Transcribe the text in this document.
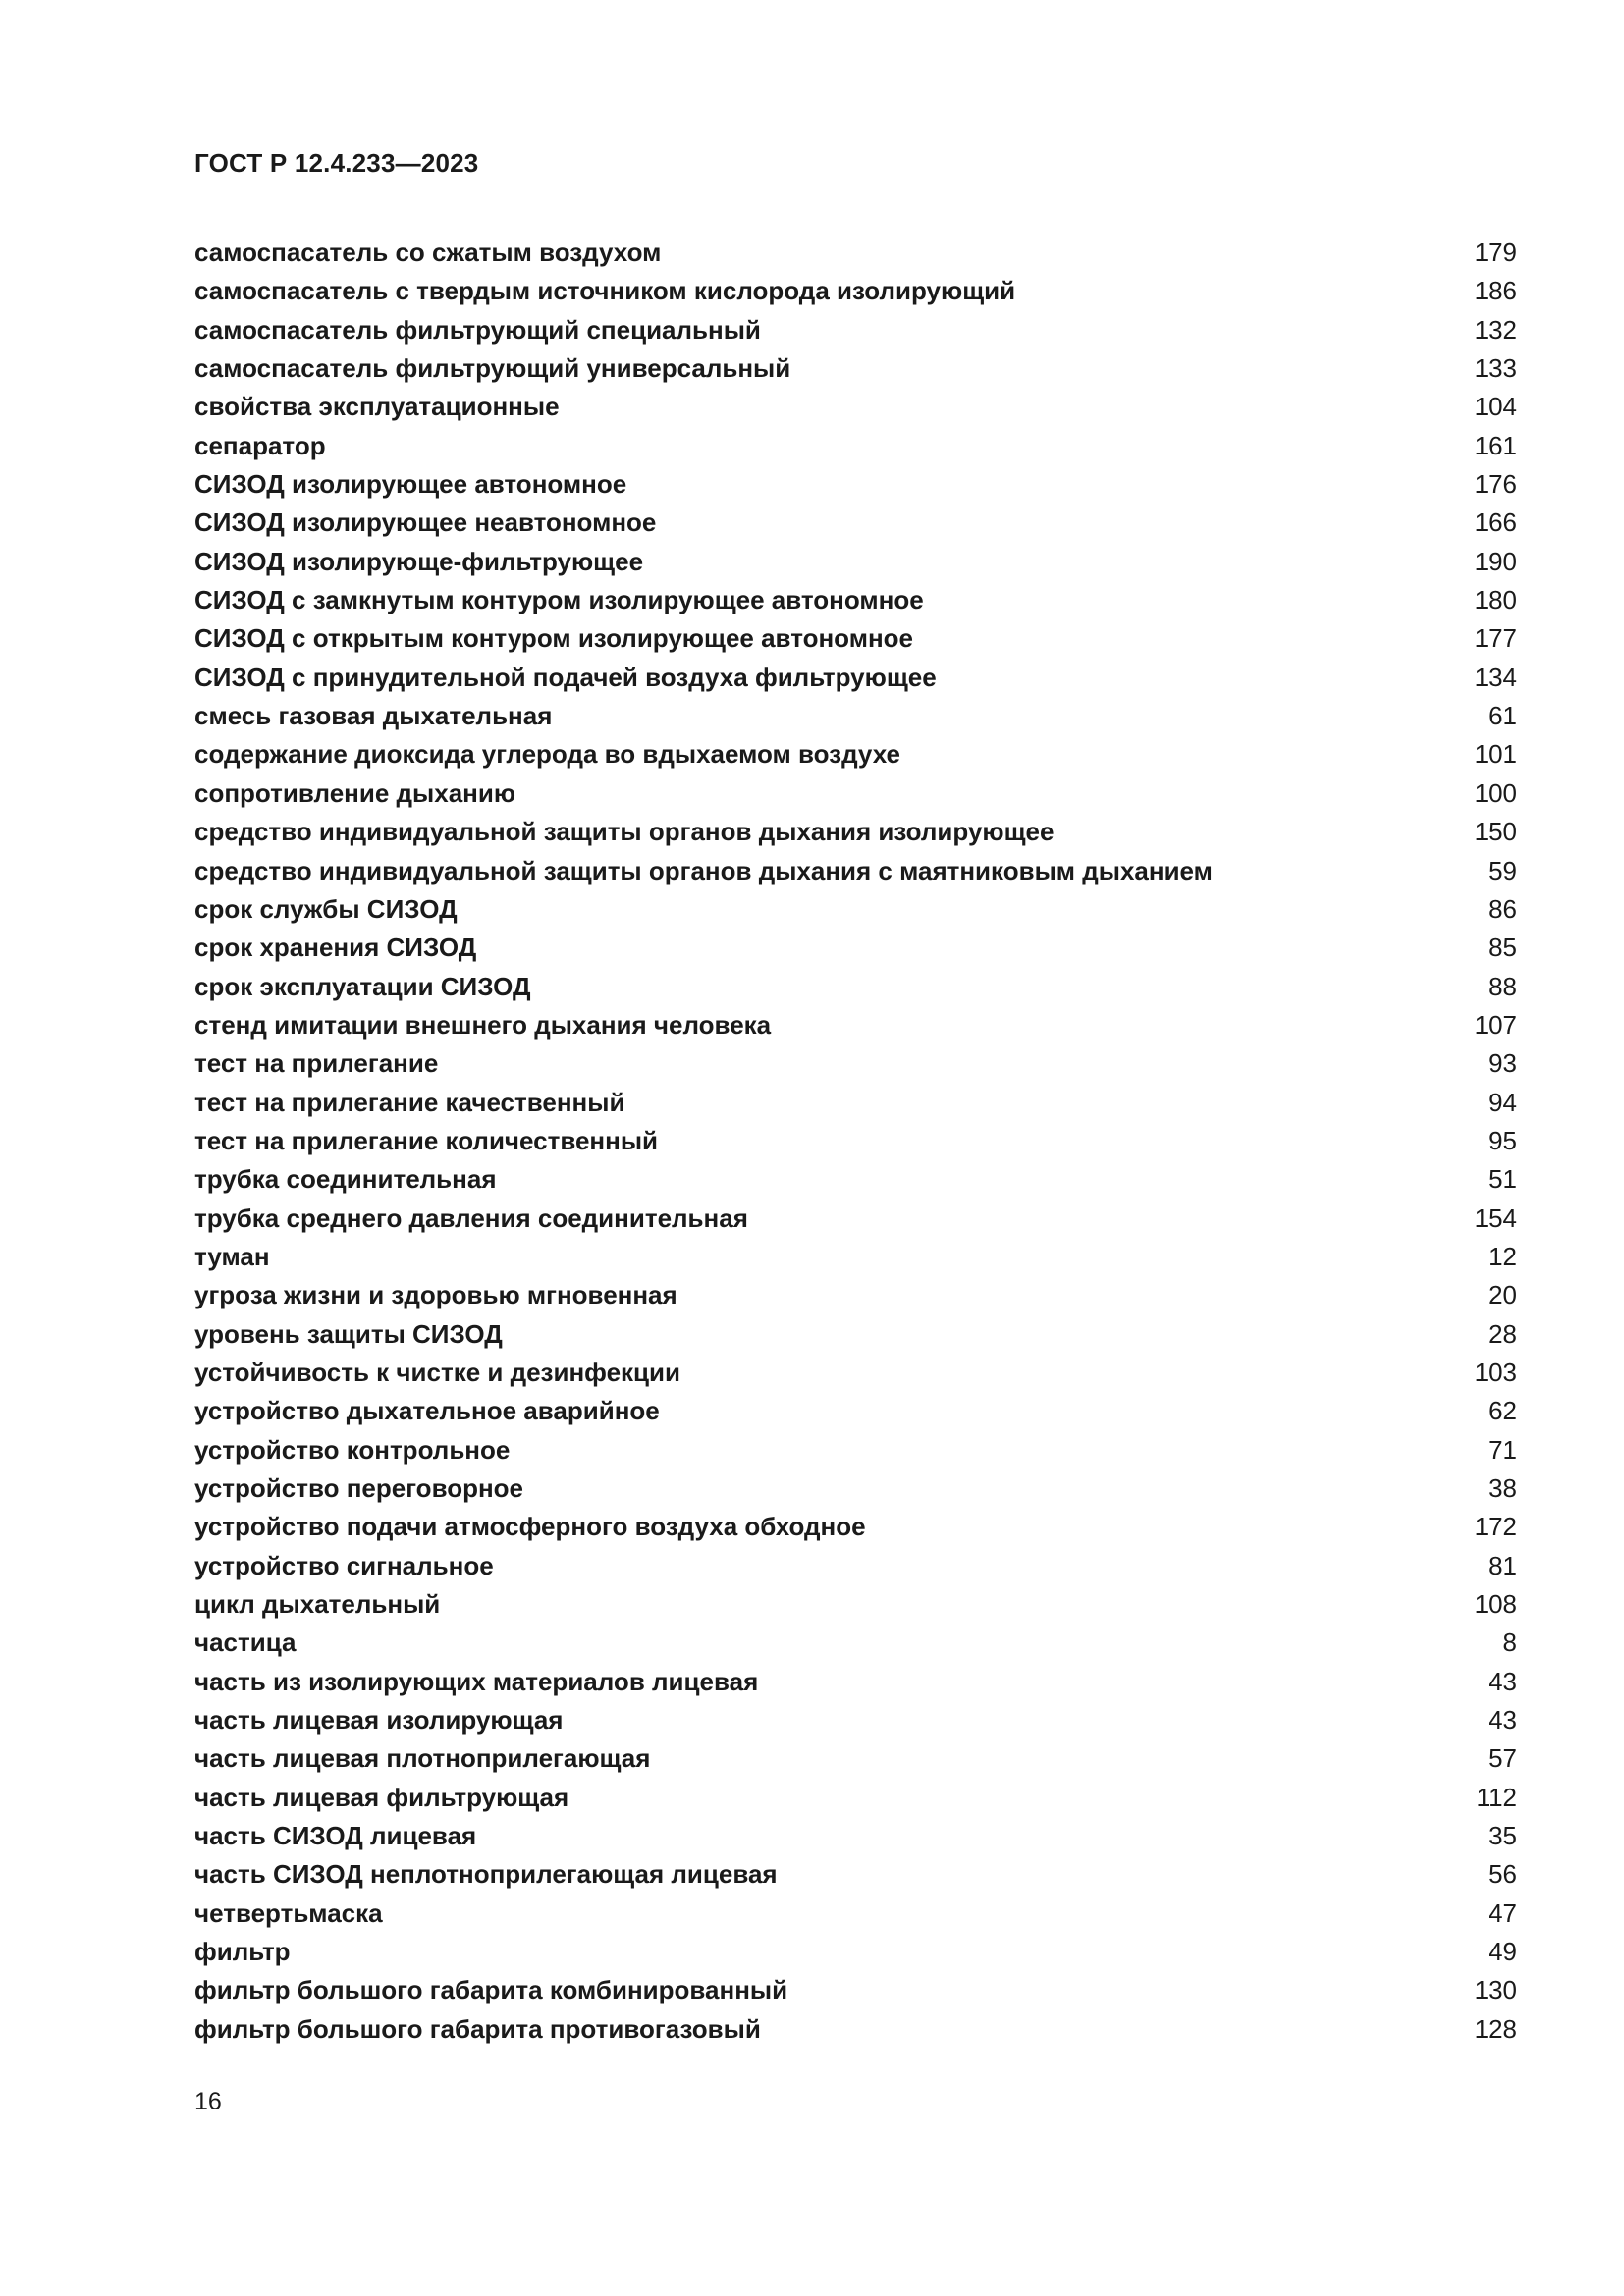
ГОСТ Р 12.4.233—2023
самоспасатель со сжатым воздухом	179
самоспасатель с твердым источником кислорода изолирующий	186
самоспасатель фильтрующий специальный	132
самоспасатель фильтрующий универсальный	133
свойства эксплуатационные	104
сепаратор	161
СИЗОД изолирующее автономное	176
СИЗОД изолирующее неавтономное	166
СИЗОД изолирующе-фильтрующее	190
СИЗОД с замкнутым контуром изолирующее автономное	180
СИЗОД с открытым контуром изолирующее автономное	177
СИЗОД с принудительной подачей воздуха фильтрующее	134
смесь газовая дыхательная	61
содержание диоксида углерода во вдыхаемом воздухе	101
сопротивление дыханию	100
средство индивидуальной защиты органов дыхания изолирующее	150
средство индивидуальной защиты органов дыхания с маятниковым дыханием	59
срок службы СИЗОД	86
срок хранения СИЗОД	85
срок эксплуатации СИЗОД	88
стенд имитации внешнего дыхания человека	107
тест на прилегание	93
тест на прилегание качественный	94
тест на прилегание количественный	95
трубка соединительная	51
трубка среднего давления соединительная	154
туман	12
угроза жизни и здоровью мгновенная	20
уровень защиты СИЗОД	28
устойчивость к чистке и дезинфекции	103
устройство дыхательное аварийное	62
устройство контрольное	71
устройство переговорное	38
устройство подачи атмосферного воздуха обходное	172
устройство сигнальное	81
цикл дыхательный	108
частица	8
часть из изолирующих материалов лицевая	43
часть лицевая изолирующая	43
часть лицевая плотноприлегающая	57
часть лицевая фильтрующая	112
часть СИЗОД лицевая	35
часть СИЗОД неплотноприлегающая лицевая	56
четвертьмаска	47
фильтр	49
фильтр большого габарита комбинированный	130
фильтр большого габарита противогазовый	128
16
